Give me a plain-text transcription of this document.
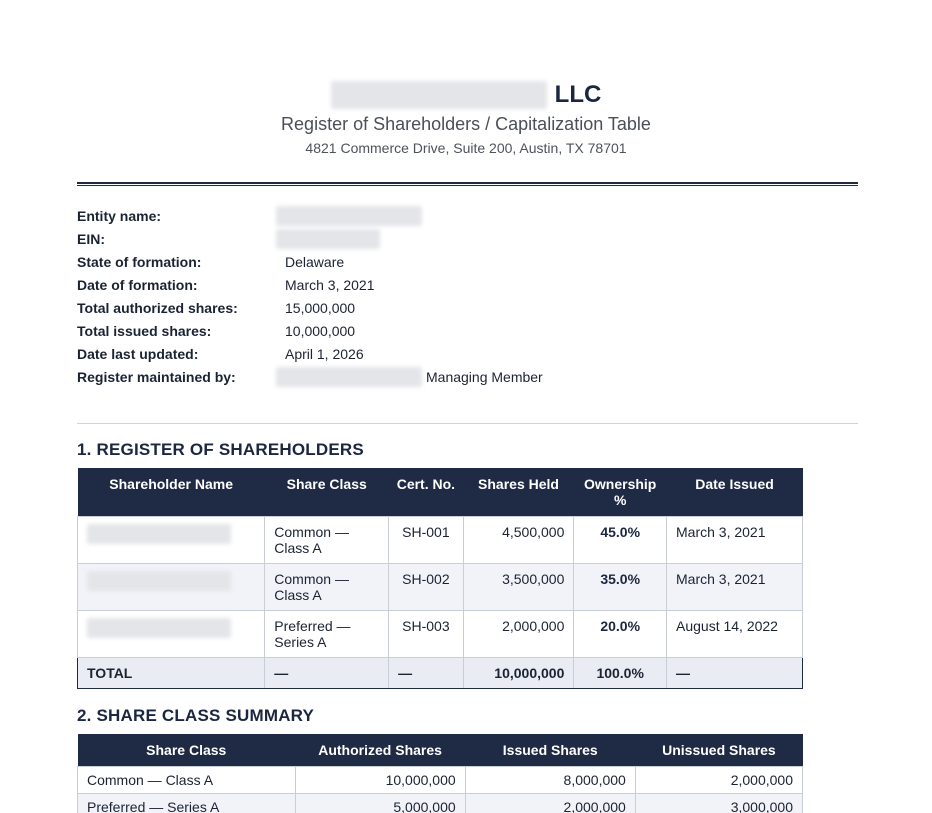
LLC
Register of Shareholders / Capitalization Table
4821 Commerce Drive, Suite 200, Austin, TX 78701
Entity name:
EIN:
State of formation:	Delaware
Date of formation:	March 3, 2021
Total authorized shares:	15,000,000
Total issued shares:	10,000,000
Date last updated:	April 1, 2026
Register maintained by:	Managing Member
1. REGISTER OF SHAREHOLDERS
Shareholder Name	Share Class	Cert. No.	Shares Held	Ownership %	Date Issued
	Common — Class A	SH-001	4,500,000	45.0%	March 3, 2021
	Common — Class A	SH-002	3,500,000	35.0%	March 3, 2021
	Preferred — Series A	SH-003	2,000,000	20.0%	August 14, 2022
TOTAL	—	—	10,000,000	100.0%	—
2. SHARE CLASS SUMMARY
Share Class	Authorized Shares	Issued Shares	Unissued Shares
Common — Class A	10,000,000	8,000,000	2,000,000
Preferred — Series A	5,000,000	2,000,000	3,000,000
